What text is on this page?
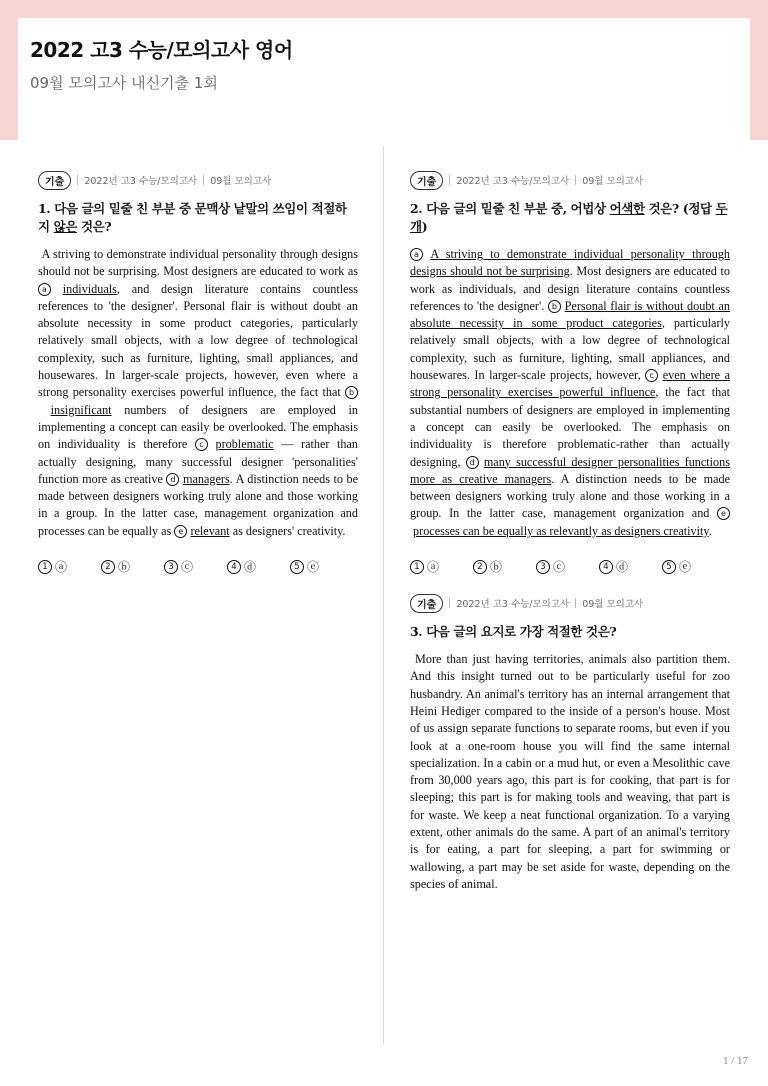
2022 고3 수능/모의고사 영어
09월 모의고사 내신기출 1회
기출	2022년 고3 수능/모의고사 09월 모의고사
1. 다음 글의 밑줄 친 부분 중 문맥상 낱말의 쓰임이 적절하지 않은 것은?
A striving to demonstrate individual personality through designs should not be surprising. Most designers are educated to work as a individuals, and design literature contains countless references to 'the designer'. Personal flair is without doubt an absolute necessity in some product categories, particularly relatively small objects, with a low degree of technological complexity, such as furniture, lighting, small appliances, and housewares. In larger-scale projects, however, even where a strong personality exercises powerful influence, the fact that b insignificant numbers of designers are employed in implementing a concept can easily be overlooked. The emphasis on individuality is therefore c problematic — rather than actually designing, many successful designer 'personalities' function more as creative d managers. A distinction needs to be made between designers working truly alone and those working in a group. In the latter case, management organization and processes can be equally as e relevant as designers' creativity.
1 ⓐ	2 ⓑ	3 ⓒ	4 ⓓ	5 ⓔ
기출	2022년 고3 수능/모의고사 09월 모의고사
2. 다음 글의 밑줄 친 부분 중, 어법상 어색한 것은? (정답 두 개)
a A striving to demonstrate individual personality through designs should not be surprising. Most designers are educated to work as individuals, and design literature contains countless references to 'the designer'. b Personal flair is without doubt an absolute necessity in some product categories, particularly relatively small objects, with a low degree of technological complexity, such as furniture, lighting, small appliances, and housewares. In larger-scale projects, however, c even where a strong personality exercises powerful influence, the fact that substantial numbers of designers are employed in implementing a concept can easily be overlooked. The emphasis on individuality is therefore problematic-rather than actually designing, d many successful designer personalities functions more as creative managers. A distinction needs to be made between designers working truly alone and those working in a group. In the latter case, management organization and e processes can be equally as relevantly as designers creativity.
1 ⓐ	2 ⓑ	3 ⓒ	4 ⓓ	5 ⓔ
기출	2022년 고3 수능/모의고사 09월 모의고사
3. 다음 글의 요지로 가장 적절한 것은?
More than just having territories, animals also partition them. And this insight turned out to be particularly useful for zoo husbandry. An animal's territory has an internal arrangement that Heini Hediger compared to the inside of a person's house. Most of us assign separate functions to separate rooms, but even if you look at a one-room house you will find the same internal specialization. In a cabin or a mud hut, or even a Mesolithic cave from 30,000 years ago, this part is for cooking, that part is for sleeping; this part is for making tools and weaving, that part is for waste. We keep a neat functional organization. To a varying extent, other animals do the same. A part of an animal's territory is for eating, a part for sleeping, a part for swimming or wallowing, a part may be set aside for waste, depending on the species of animal.
1 / 17
